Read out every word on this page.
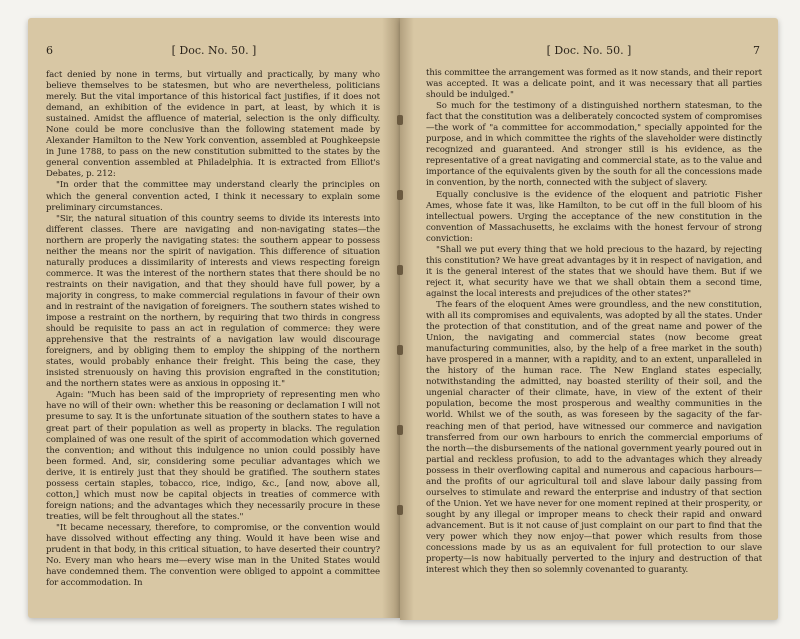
6	[ Doc. No. 50. ]

fact denied by none in terms, but virtually and practically, by many who believe themselves to be statesmen, but who are nevertheless, politicians merely. But the vital importance of this historical fact justifies, if it does not demand, an exhibition of the evidence in part, at least, by which it is sustained. Amidst the affluence of material, selection is the only difficulty. None could be more conclusive than the following statement made by Alexander Hamilton to the New York convention, assembled at Poughkeepsie in June 1788, to pass on the new constitution submitted to the states by the general convention assembled at Philadelphia. It is extracted from Elliot's Debates, p. 212:

"In order that the committee may understand clearly the principles on which the general convention acted, I think it necessary to explain some preliminary circumstances.

"Sir, the natural situation of this country seems to divide its interests into different classes. There are navigating and non-navigating states—the northern are properly the navigating states: the southern appear to possess neither the means nor the spirit of navigation. This difference of situation naturally produces a dissimilarity of interests and views respecting foreign commerce. It was the interest of the northern states that there should be no restraints on their navigation, and that they should have full power, by a majority in congress, to make commercial regulations in favour of their own and in restraint of the navigation of foreigners. The southern states wished to impose a restraint on the northern, by requiring that two thirds in congress should be requisite to pass an act in regulation of commerce: they were apprehensive that the restraints of a navigation law would discourage foreigners, and by obliging them to employ the shipping of the northern states, would probably enhance their freight. This being the case, they insisted strenuously on having this provision engrafted in the constitution; and the northern states were as anxious in opposing it."

Again: "Much has been said of the impropriety of representing men who have no will of their own: whether this be reasoning or declamation I will not presume to say. It is the unfortunate situation of the southern states to have a great part of their population as well as property in blacks. The regulation complained of was one result of the spirit of accommodation which governed the convention; and without this indulgence no union could possibly have been formed. And, sir, considering some peculiar advantages which we derive, it is entirely just that they should be gratified. The southern states possess certain staples, tobacco, rice, indigo, &c., [and now, above all, cotton,] which must now be capital objects in treaties of commerce with foreign nations; and the advantages which they necessarily procure in these treaties, will be felt throughout all the states."

"It became necessary, therefore, to compromise, or the convention would have dissolved without effecting any thing. Would it have been wise and prudent in that body, in this critical situation, to have deserted their country? No. Every man who hears me—every wise man in the United States would have condemned them. The convention were obliged to appoint a committee for accommodation. In

[ Doc. No. 50. ]	7

this committee the arrangement was formed as it now stands, and their report was accepted. It was a delicate point, and it was necessary that all parties should be indulged."

So much for the testimony of a distinguished northern statesman, to the fact that the constitution was a deliberately concocted system of compromises—the work of "a committee for accommodation," specially appointed for the purpose, and in which committee the rights of the slaveholder were distinctly recognized and guaranteed. And stronger still is his evidence, as the representative of a great navigating and commercial state, as to the value and importance of the equivalents given by the south for all the concessions made in convention, by the north, connected with the subject of slavery.

Equally conclusive is the evidence of the eloquent and patriotic Fisher Ames, whose fate it was, like Hamilton, to be cut off in the full bloom of his intellectual powers. Urging the acceptance of the new constitution in the convention of Massachusetts, he exclaims with the honest fervour of strong conviction:

"Shall we put every thing that we hold precious to the hazard, by rejecting this constitution? We have great advantages by it in respect of navigation, and it is the general interest of the states that we should have them. But if we reject it, what security have we that we shall obtain them a second time, against the local interests and prejudices of the other states?"

The fears of the eloquent Ames were groundless, and the new constitution, with all its compromises and equivalents, was adopted by all the states. Under the protection of that constitution, and of the great name and power of the Union, the navigating and commercial states (now become great manufacturing communities, also, by the help of a free market in the south) have prospered in a manner, with a rapidity, and to an extent, unparalleled in the history of the human race. The New England states especially, notwithstanding the admitted, nay boasted sterility of their soil, and the ungenial character of their climate, have, in view of the extent of their population, become the most prosperous and wealthy communities in the world. Whilst we of the south, as was foreseen by the sagacity of the far-reaching men of that period, have witnessed our commerce and navigation transferred from our own harbours to enrich the commercial emporiums of the north—the disbursements of the national government yearly poured out in partial and reckless profusion, to add to the advantages which they already possess in their overflowing capital and numerous and capacious harbours—and the profits of our agricultural toil and slave labour daily passing from ourselves to stimulate and reward the enterprise and industry of that section of the Union. Yet we have never for one moment repined at their prosperity, or sought by any illegal or improper means to check their rapid and onward advancement. But is it not cause of just complaint on our part to find that the very power which they now enjoy—that power which results from those concessions made by us as an equivalent for full protection to our slave property—is now habitually perverted to the injury and destruction of that interest which they then so solemnly covenanted to guaranty.
